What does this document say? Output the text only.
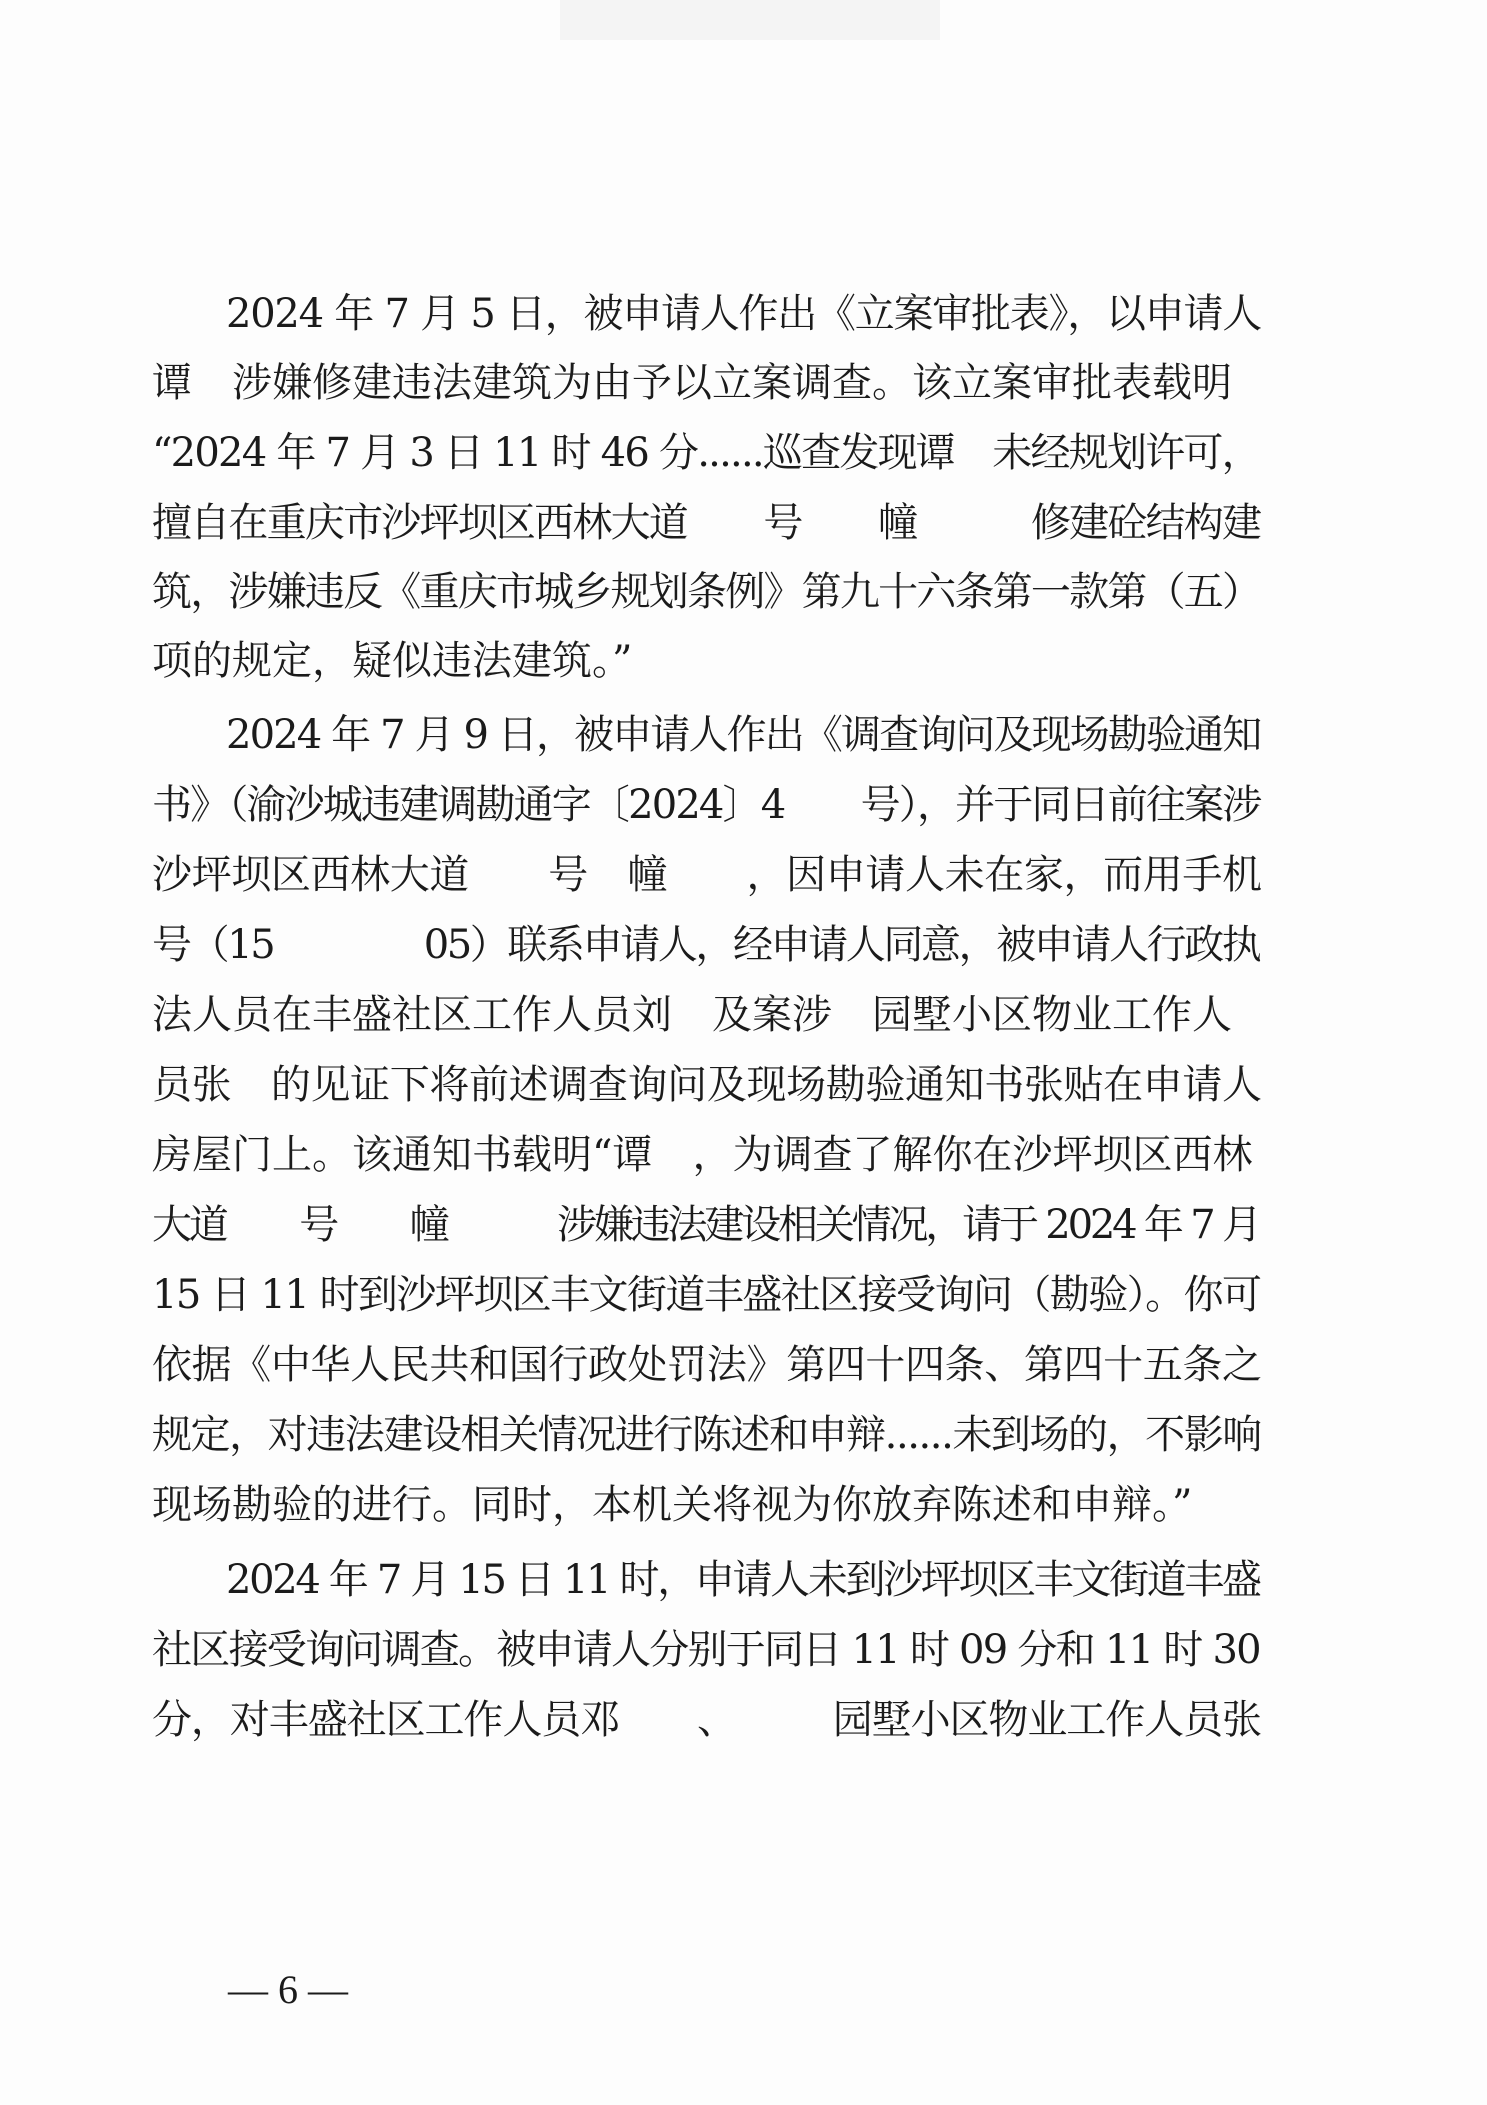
2024 年 7 月 5 日，被申请人作出《立案审批表》，以申请人
谭　涉嫌修建违法建筑为由予以立案调查。该立案审批表载明
“2024 年 7 月 3 日 11 时 46 分......巡查发现谭　未经规划许可，
擅自在重庆市沙坪坝区西林大道　　号　　幢　　　修建砼结构建
筑，涉嫌违反《重庆市城乡规划条例》第九十六条第一款第（五）
项的规定，疑似违法建筑。”
2024 年 7 月 9 日，被申请人作出《调查询问及现场勘验通知
书》（渝沙城违建调勘通字〔2024〕4　　号），并于同日前往案涉
沙坪坝区西林大道　　号　幢　　，因申请人未在家，而用手机
号（15　　　　05）联系申请人，经申请人同意，被申请人行政执
法人员在丰盛社区工作人员刘　及案涉　园墅小区物业工作人
员张　的见证下将前述调查询问及现场勘验通知书张贴在申请人
房屋门上。该通知书载明“谭　，为调查了解你在沙坪坝区西林
大道　　号　　幢　　　涉嫌违法建设相关情况，请于 2024 年 7 月
15 日 11 时到沙坪坝区丰文街道丰盛社区接受询问（勘验）。你可
依据《中华人民共和国行政处罚法》第四十四条、第四十五条之
规定，对违法建设相关情况进行陈述和申辩......未到场的，不影响
现场勘验的进行。同时，本机关将视为你放弃陈述和申辩。”
2024 年 7 月 15 日 11 时，申请人未到沙坪坝区丰文街道丰盛
社区接受询问调查。被申请人分别于同日 11 时 09 分和 11 时 30
分，对丰盛社区工作人员邓　　、　　　园墅小区物业工作人员张
— 6 —
